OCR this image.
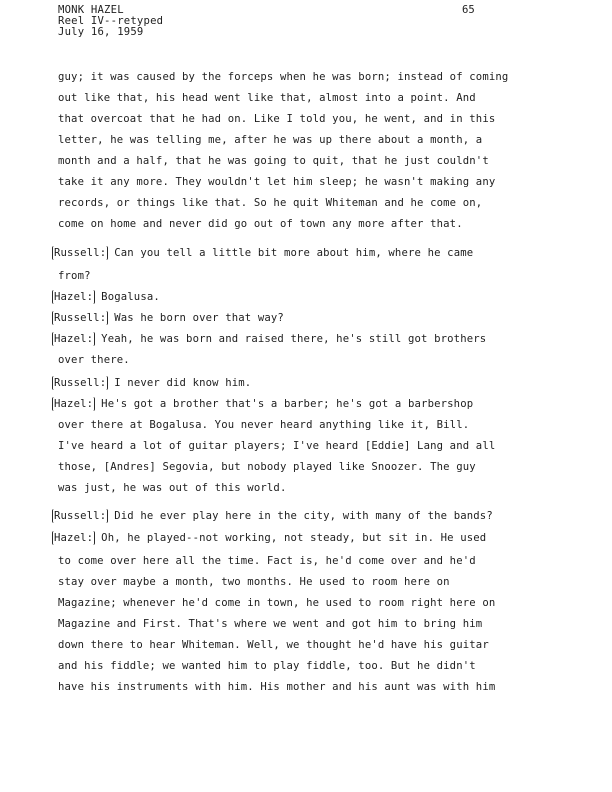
MONK HAZEL
Reel IV--retyped
July 16, 1959
65
guy; it was caused by the forceps when he was born; instead of coming
out like that, his head went like that, almost into a point. And
that overcoat that he had on. Like I told you, he went, and in this
letter, he was telling me, after he was up there about a month, a
month and a half, that he was going to quit, that he just couldn't
take it any more. They wouldn't let him sleep; he wasn't making any
records, or things like that. So he quit Whiteman and he come on,
come on home and never did go out of town any more after that.
Russell: Can you tell a little bit more about him, where he came
from?
Hazel: Bogalusa.
Russell: Was he born over that way?
Hazel: Yeah, he was born and raised there, he's still got brothers
over there.
Russell: I never did know him.
Hazel: He's got a brother that's a barber; he's got a barbershop
over there at Bogalusa. You never heard anything like it, Bill.
I've heard a lot of guitar players; I've heard [Eddie] Lang and all
those, [Andres] Segovia, but nobody played like Snoozer. The guy
was just, he was out of this world.
Russell: Did he ever play here in the city, with many of the bands?
Hazel: Oh, he played--not working, not steady, but sit in. He used
to come over here all the time. Fact is, he'd come over and he'd
stay over maybe a month, two months. He used to room here on
Magazine; whenever he'd come in town, he used to room right here on
Magazine and First. That's where we went and got him to bring him
down there to hear Whiteman. Well, we thought he'd have his guitar
and his fiddle; we wanted him to play fiddle, too. But he didn't
have his instruments with him. His mother and his aunt was with him
